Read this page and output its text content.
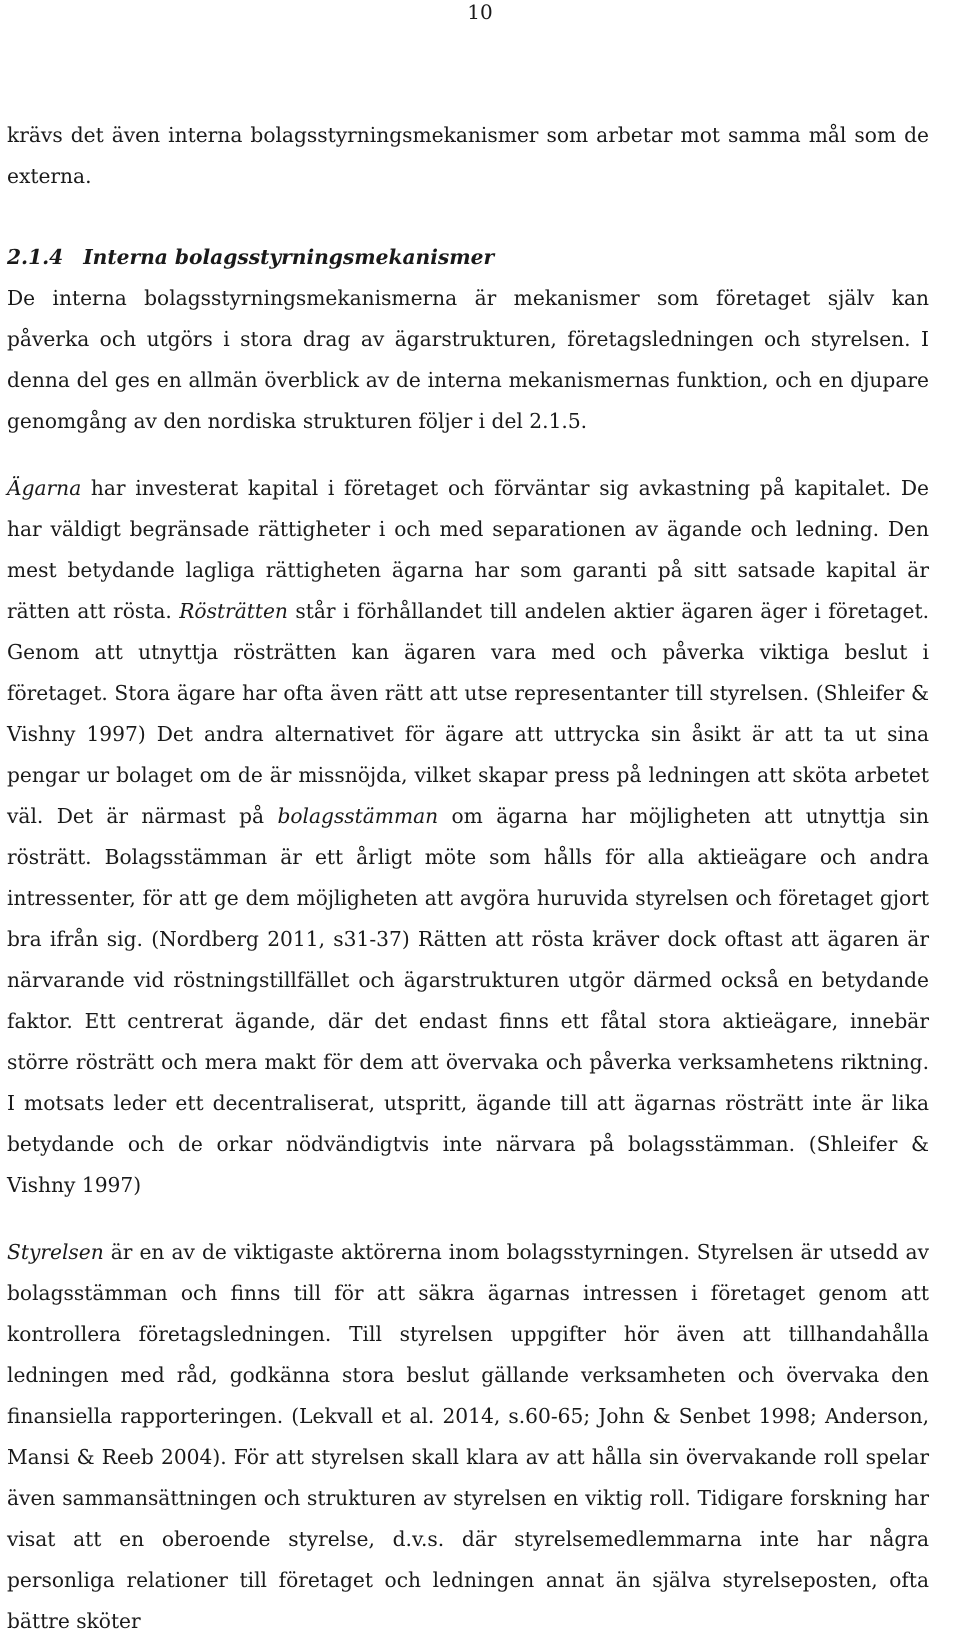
10

krävs det även interna bolagsstyrningsmekanismer som arbetar mot samma mål som de externa.

2.1.4 Interna bolagsstyrningsmekanismer

De interna bolagsstyrningsmekanismerna är mekanismer som företaget själv kan påverka och utgörs i stora drag av ägarstrukturen, företagsledningen och styrelsen. I denna del ges en allmän överblick av de interna mekanismernas funktion, och en djupare genomgång av den nordiska strukturen följer i del 2.1.5.

Ägarna har investerat kapital i företaget och förväntar sig avkastning på kapitalet. De har väldigt begränsade rättigheter i och med separationen av ägande och ledning. Den mest betydande lagliga rättigheten ägarna har som garanti på sitt satsade kapital är rätten att rösta. Rösträtten står i förhållandet till andelen aktier ägaren äger i företaget. Genom att utnyttja rösträtten kan ägaren vara med och påverka viktiga beslut i företaget. Stora ägare har ofta även rätt att utse representanter till styrelsen. (Shleifer & Vishny 1997) Det andra alternativet för ägare att uttrycka sin åsikt är att ta ut sina pengar ur bolaget om de är missnöjda, vilket skapar press på ledningen att sköta arbetet väl. Det är närmast på bolagsstämman om ägarna har möjligheten att utnyttja sin rösträtt. Bolagsstämman är ett årligt möte som hålls för alla aktieägare och andra intressenter, för att ge dem möjligheten att avgöra huruvida styrelsen och företaget gjort bra ifrån sig. (Nordberg 2011, s31-37) Rätten att rösta kräver dock oftast att ägaren är närvarande vid röstningstillfället och ägarstrukturen utgör därmed också en betydande faktor. Ett centrerat ägande, där det endast finns ett fåtal stora aktieägare, innebär större rösträtt och mera makt för dem att övervaka och påverka verksamhetens riktning. I motsats leder ett decentraliserat, utspritt, ägande till att ägarnas rösträtt inte är lika betydande och de orkar nödvändigtvis inte närvara på bolagsstämman. (Shleifer & Vishny 1997)

Styrelsen är en av de viktigaste aktörerna inom bolagsstyrningen. Styrelsen är utsedd av bolagsstämman och finns till för att säkra ägarnas intressen i företaget genom att kontrollera företagsledningen. Till styrelsen uppgifter hör även att tillhandahålla ledningen med råd, godkänna stora beslut gällande verksamheten och övervaka den finansiella rapporteringen. (Lekvall et al. 2014, s.60-65; John & Senbet 1998; Anderson, Mansi & Reeb 2004). För att styrelsen skall klara av att hålla sin övervakande roll spelar även sammansättningen och strukturen av styrelsen en viktig roll. Tidigare forskning har visat att en oberoende styrelse, d.v.s. där styrelsemedlemmarna inte har några personliga relationer till företaget och ledningen annat än själva styrelseposten, ofta bättre sköter
